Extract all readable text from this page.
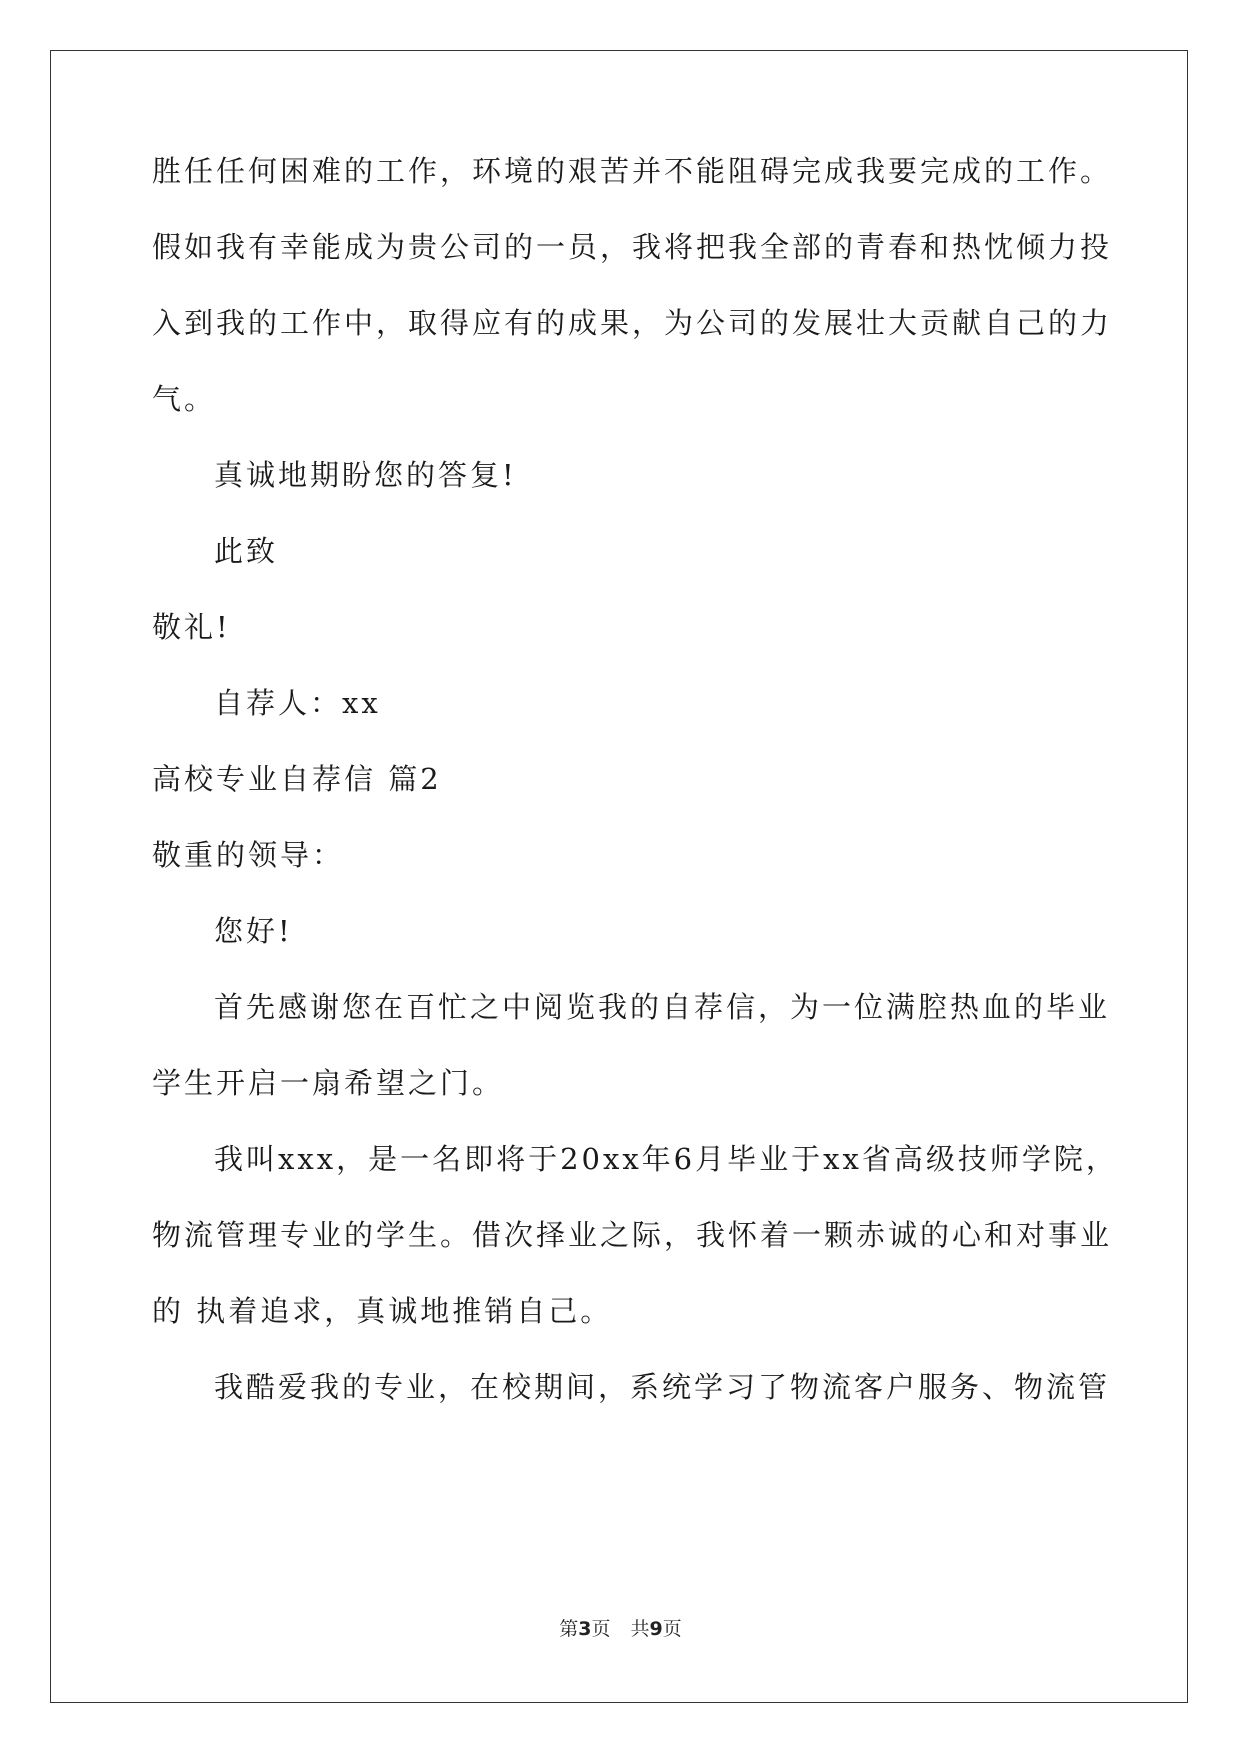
胜任任何困难的工作，环境的艰苦并不能阻碍完成我要完成的工作。
假如我有幸能成为贵公司的一员，我将把我全部的青春和热忱倾力投
入到我的工作中，取得应有的成果，为公司的发展壮大贡献自己的力
气。
真诚地期盼您的答复!
此致
敬礼!
自荐人：xx
高校专业自荐信 篇2
敬重的领导：
您好!
首先感谢您在百忙之中阅览我的自荐信，为一位满腔热血的毕业
学生开启一扇希望之门。
我叫xxx，是一名即将于20xx年6月毕业于xx省高级技师学院，
物流管理专业的学生。借次择业之际，我怀着一颗赤诚的心和对事业
的 执着追求，真诚地推销自己。
我酷爱我的专业，在校期间，系统学习了物流客户服务、物流管
第3页 共9页
